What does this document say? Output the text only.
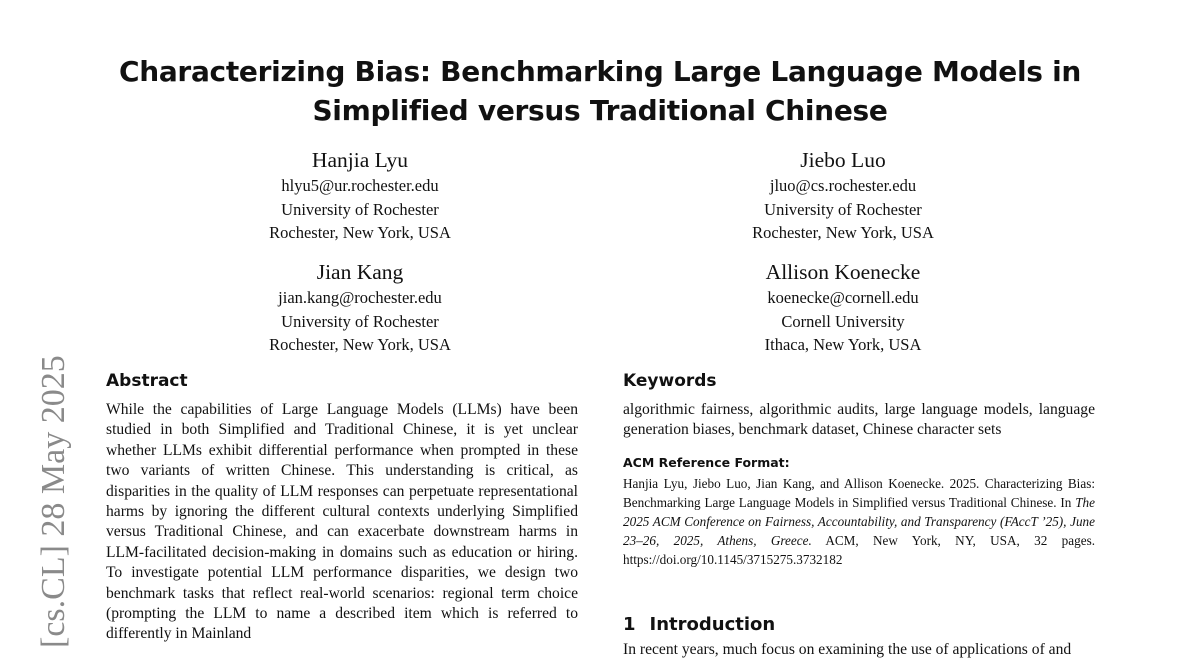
[cs.CL] 28 May 2025
Characterizing Bias: Benchmarking Large Language Models in Simplified versus Traditional Chinese
Hanjia Lyu
hlyu5@ur.rochester.edu
University of Rochester
Rochester, New York, USA
Jiebo Luo
jluo@cs.rochester.edu
University of Rochester
Rochester, New York, USA
Jian Kang
jian.kang@rochester.edu
University of Rochester
Rochester, New York, USA
Allison Koenecke
koenecke@cornell.edu
Cornell University
Ithaca, New York, USA
Abstract

While the capabilities of Large Language Models (LLMs) have been studied in both Simplified and Traditional Chinese, it is yet unclear whether LLMs exhibit differential performance when prompted in these two variants of written Chinese. This understanding is critical, as disparities in the quality of LLM responses can perpetuate representational harms by ignoring the different cultural contexts underlying Simplified versus Traditional Chinese, and can exacerbate downstream harms in LLM-facilitated decision-making in domains such as education or hiring. To investigate potential LLM performance disparities, we design two benchmark tasks that reflect real-world scenarios: regional term choice (prompting the LLM to name a described item which is referred to differently in Mainland

Keywords

algorithmic fairness, algorithmic audits, large language models, language generation biases, benchmark dataset, Chinese character sets

ACM Reference Format:

Hanjia Lyu, Jiebo Luo, Jian Kang, and Allison Koenecke. 2025. Characterizing Bias: Benchmarking Large Language Models in Simplified versus Traditional Chinese. In The 2025 ACM Conference on Fairness, Accountability, and Transparency (FAccT ’25), June 23–26, 2025, Athens, Greece. ACM, New York, NY, USA, 32 pages. https://doi.org/10.1145/3715275.3732182

1 Introduction
In recent years, much focus on examining the use of applications of and
